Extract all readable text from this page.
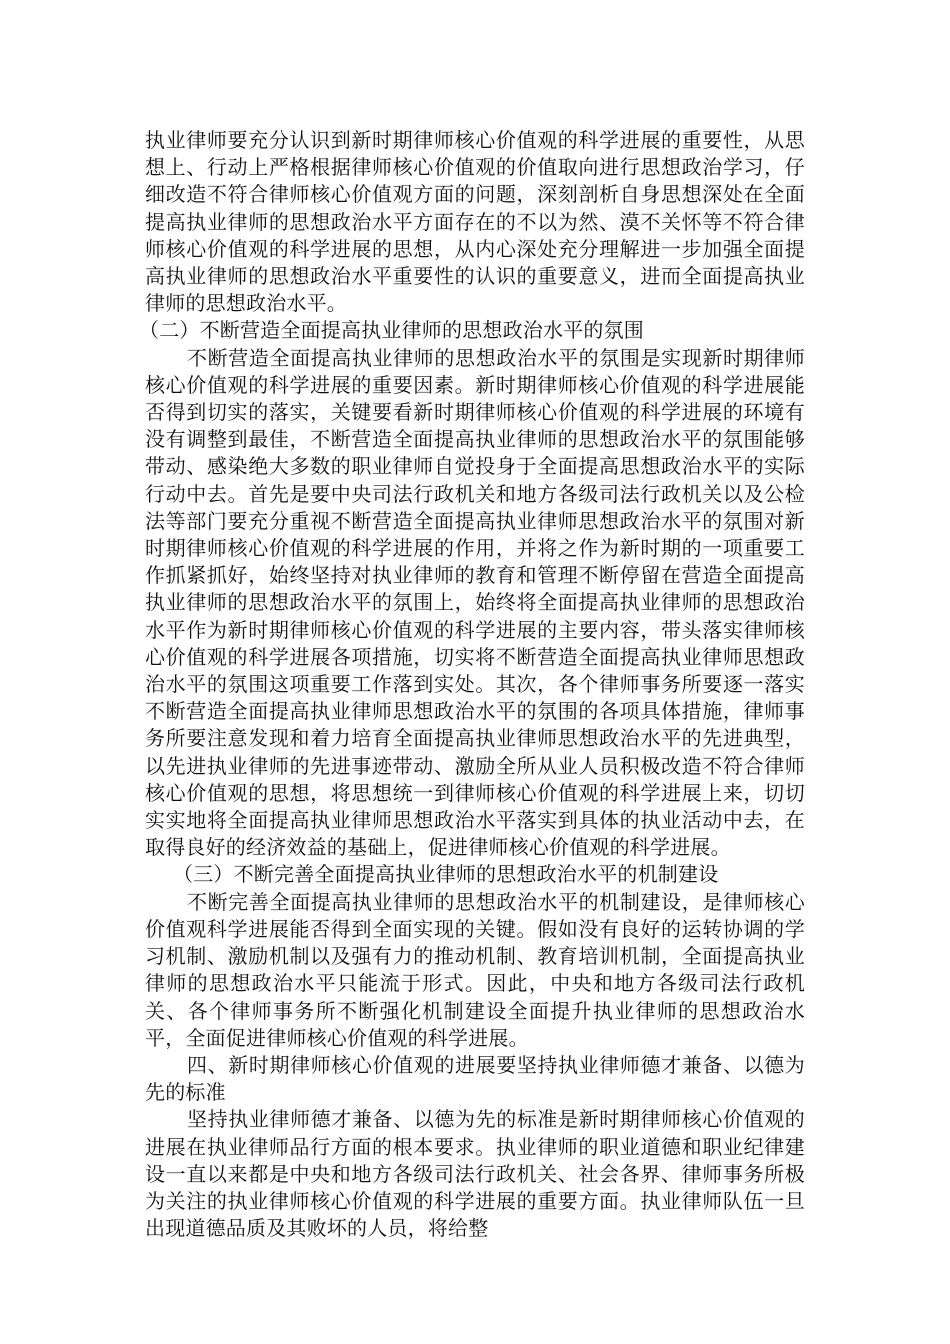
执业律师要充分认识到新时期律师核心价值观的科学进展的重要性，从思想上、行动上严格根据律师核心价值观的价值取向进行思想政治学习，仔细改造不符合律师核心价值观方面的问题，深刻剖析自身思想深处在全面提高执业律师的思想政治水平方面存在的不以为然、漠不关怀等不符合律师核心价值观的科学进展的思想，从内心深处充分理解进一步加强全面提高执业律师的思想政治水平重要性的认识的重要意义，进而全面提高执业律师的思想政治水平。

（二）不断营造全面提高执业律师的思想政治水平的氛围

不断营造全面提高执业律师的思想政治水平的氛围是实现新时期律师核心价值观的科学进展的重要因素。新时期律师核心价值观的科学进展能否得到切实的落实，关键要看新时期律师核心价值观的科学进展的环境有没有调整到最佳，不断营造全面提高执业律师的思想政治水平的氛围能够带动、感染绝大多数的职业律师自觉投身于全面提高思想政治水平的实际行动中去。首先是要中央司法行政机关和地方各级司法行政机关以及公检法等部门要充分重视不断营造全面提高执业律师思想政治水平的氛围对新时期律师核心价值观的科学进展的作用，并将之作为新时期的一项重要工作抓紧抓好，始终坚持对执业律师的教育和管理不断停留在营造全面提高执业律师的思想政治水平的氛围上，始终将全面提高执业律师的思想政治水平作为新时期律师核心价值观的科学进展的主要内容，带头落实律师核心价值观的科学进展各项措施，切实将不断营造全面提高执业律师思想政治水平的氛围这项重要工作落到实处。其次，各个律师事务所要逐一落实不断营造全面提高执业律师思想政治水平的氛围的各项具体措施，律师事务所要注意发现和着力培育全面提高执业律师思想政治水平的先进典型，以先进执业律师的先进事迹带动、激励全所从业人员积极改造不符合律师核心价值观的思想，将思想统一到律师核心价值观的科学进展上来，切切实实地将全面提高执业律师思想政治水平落实到具体的执业活动中去，在取得良好的经济效益的基础上，促进律师核心价值观的科学进展。

（三）不断完善全面提高执业律师的思想政治水平的机制建设

不断完善全面提高执业律师的思想政治水平的机制建设，是律师核心价值观科学进展能否得到全面实现的关键。假如没有良好的运转协调的学习机制、激励机制以及强有力的推动机制、教育培训机制，全面提高执业律师的思想政治水平只能流于形式。因此，中央和地方各级司法行政机关、各个律师事务所不断强化机制建设全面提升执业律师的思想政治水平，全面促进律师核心价值观的科学进展。

四、新时期律师核心价值观的进展要坚持执业律师德才兼备、以德为先的标准

坚持执业律师德才兼备、以德为先的标准是新时期律师核心价值观的进展在执业律师品行方面的根本要求。执业律师的职业道德和职业纪律建设一直以来都是中央和地方各级司法行政机关、社会各界、律师事务所极为关注的执业律师核心价值观的科学进展的重要方面。执业律师队伍一旦出现道德品质及其败坏的人员，将给整
